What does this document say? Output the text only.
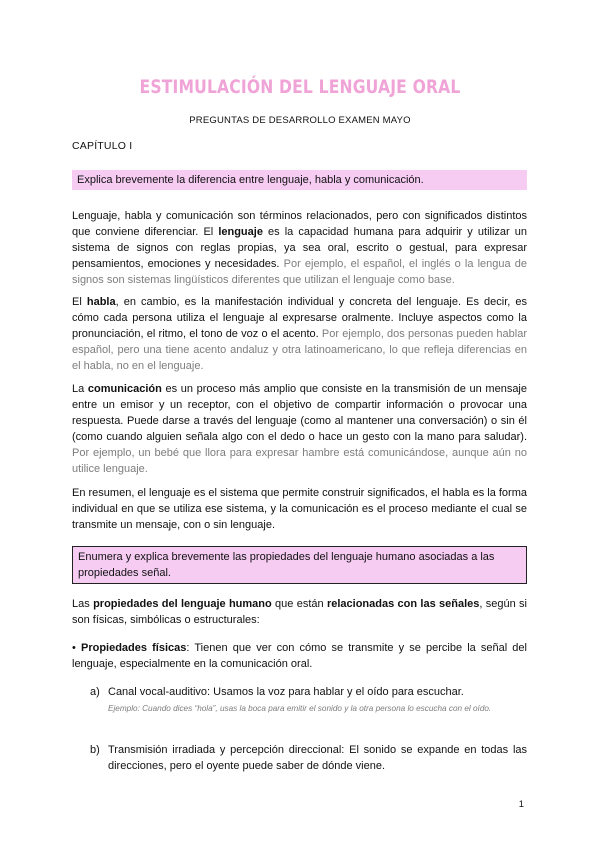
ESTIMULACIÓN DEL LENGUAJE ORAL
PREGUNTAS DE DESARROLLO EXAMEN MAYO
CAPÍTULO I
Explica brevemente la diferencia entre lenguaje, habla y comunicación.
Lenguaje, habla y comunicación son términos relacionados, pero con significados distintos que conviene diferenciar. El lenguaje es la capacidad humana para adquirir y utilizar un sistema de signos con reglas propias, ya sea oral, escrito o gestual, para expresar pensamientos, emociones y necesidades. Por ejemplo, el español, el inglés o la lengua de signos son sistemas lingüísticos diferentes que utilizan el lenguaje como base.
El habla, en cambio, es la manifestación individual y concreta del lenguaje. Es decir, es cómo cada persona utiliza el lenguaje al expresarse oralmente. Incluye aspectos como la pronunciación, el ritmo, el tono de voz o el acento. Por ejemplo, dos personas pueden hablar español, pero una tiene acento andaluz y otra latinoamericano, lo que refleja diferencias en el habla, no en el lenguaje.
La comunicación es un proceso más amplio que consiste en la transmisión de un mensaje entre un emisor y un receptor, con el objetivo de compartir información o provocar una respuesta. Puede darse a través del lenguaje (como al mantener una conversación) o sin él (como cuando alguien señala algo con el dedo o hace un gesto con la mano para saludar). Por ejemplo, un bebé que llora para expresar hambre está comunicándose, aunque aún no utilice lenguaje.
En resumen, el lenguaje es el sistema que permite construir significados, el habla es la forma individual en que se utiliza ese sistema, y la comunicación es el proceso mediante el cual se transmite un mensaje, con o sin lenguaje.
Enumera y explica brevemente las propiedades del lenguaje humano asociadas a las propiedades señal.
Las propiedades del lenguaje humano que están relacionadas con las señales, según si son físicas, simbólicas o estructurales:
• Propiedades físicas: Tienen que ver con cómo se transmite y se percibe la señal del lenguaje, especialmente en la comunicación oral.
a) Canal vocal-auditivo: Usamos la voz para hablar y el oído para escuchar.
Ejemplo: Cuando dices “hola”, usas la boca para emitir el sonido y la otra persona lo escucha con el oído.
b) Transmisión irradiada y percepción direccional: El sonido se expande en todas las direcciones, pero el oyente puede saber de dónde viene.
1
